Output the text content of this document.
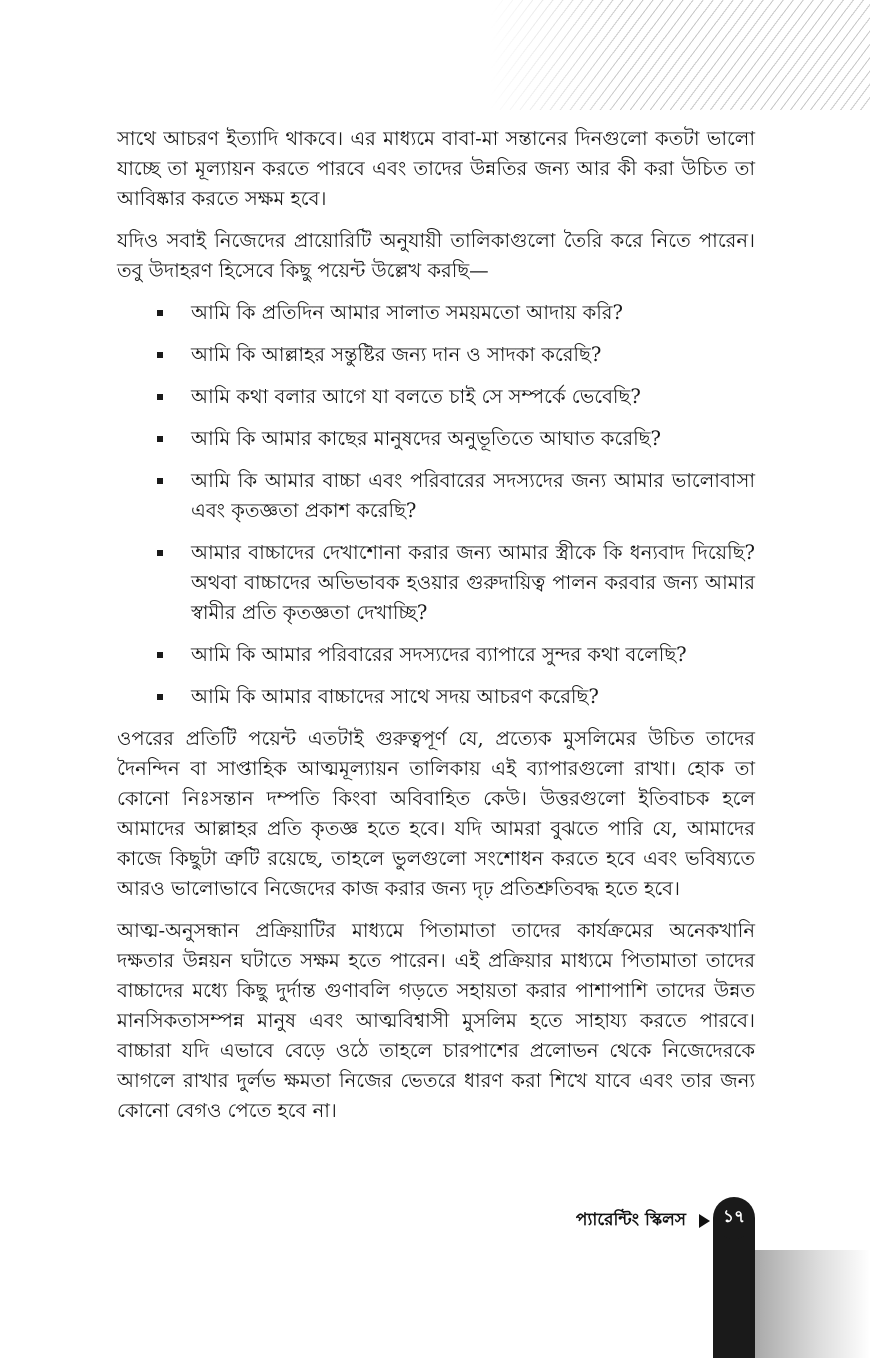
সাথে আচরণ ইত্যাদি থাকবে। এর মাধ্যমে বাবা-মা সন্তানের দিনগুলো কতটা ভালো যাচ্ছে তা মূল্যায়ন করতে পারবে এবং তাদের উন্নতির জন্য আর কী করা উচিত তা আবিষ্কার করতে সক্ষম হবে।

যদিও সবাই নিজেদের প্রায়োরিটি অনুযায়ী তালিকাগুলো তৈরি করে নিতে পারেন। তবু উদাহরণ হিসেবে কিছু পয়েন্ট উল্লেখ করছি—

আমি কি প্রতিদিন আমার সালাত সময়মতো আদায় করি?
আমি কি আল্লাহর সন্তুষ্টির জন্য দান ও সাদকা করেছি?
আমি কথা বলার আগে যা বলতে চাই সে সম্পর্কে ভেবেছি?
আমি কি আমার কাছের মানুষদের অনুভূতিতে আঘাত করেছি?
আমি কি আমার বাচ্চা এবং পরিবারের সদস্যদের জন্য আমার ভালোবাসা এবং কৃতজ্ঞতা প্রকাশ করেছি?
আমার বাচ্চাদের দেখাশোনা করার জন্য আমার স্ত্রীকে কি ধন্যবাদ দিয়েছি? অথবা বাচ্চাদের অভিভাবক হওয়ার গুরুদায়িত্ব পালন করবার জন্য আমার স্বামীর প্রতি কৃতজ্ঞতা দেখাচ্ছি?
আমি কি আমার পরিবারের সদস্যদের ব্যাপারে সুন্দর কথা বলেছি?
আমি কি আমার বাচ্চাদের সাথে সদয় আচরণ করেছি?

ওপরের প্রতিটি পয়েন্ট এতটাই গুরুত্বপূর্ণ যে, প্রত্যেক মুসলিমের উচিত তাদের দৈনন্দিন বা সাপ্তাহিক আত্মমূল্যায়ন তালিকায় এই ব্যাপারগুলো রাখা। হোক তা কোনো নিঃসন্তান দম্পতি কিংবা অবিবাহিত কেউ। উত্তরগুলো ইতিবাচক হলে আমাদের আল্লাহর প্রতি কৃতজ্ঞ হতে হবে। যদি আমরা বুঝতে পারি যে, আমাদের কাজে কিছুটা ত্রুটি রয়েছে, তাহলে ভুলগুলো সংশোধন করতে হবে এবং ভবিষ্যতে আরও ভালোভাবে নিজেদের কাজ করার জন্য দৃঢ় প্রতিশ্রুতিবদ্ধ হতে হবে।

আত্ম-অনুসন্ধান প্রক্রিয়াটির মাধ্যমে পিতামাতা তাদের কার্যক্রমের অনেকখানি দক্ষতার উন্নয়ন ঘটাতে সক্ষম হতে পারেন। এই প্রক্রিয়ার মাধ্যমে পিতামাতা তাদের বাচ্চাদের মধ্যে কিছু দুর্দান্ত গুণাবলি গড়তে সহায়তা করার পাশাপাশি তাদের উন্নত মানসিকতাসম্পন্ন মানুষ এবং আত্মবিশ্বাসী মুসলিম হতে সাহায্য করতে পারবে। বাচ্চারা যদি এভাবে বেড়ে ওঠে তাহলে চারপাশের প্রলোভন থেকে নিজেদেরকে আগলে রাখার দুর্লভ ক্ষমতা নিজের ভেতরে ধারণ করা শিখে যাবে এবং তার জন্য কোনো বেগও পেতে হবে না।

প্যারেন্টিং স্কিলস	১৭
